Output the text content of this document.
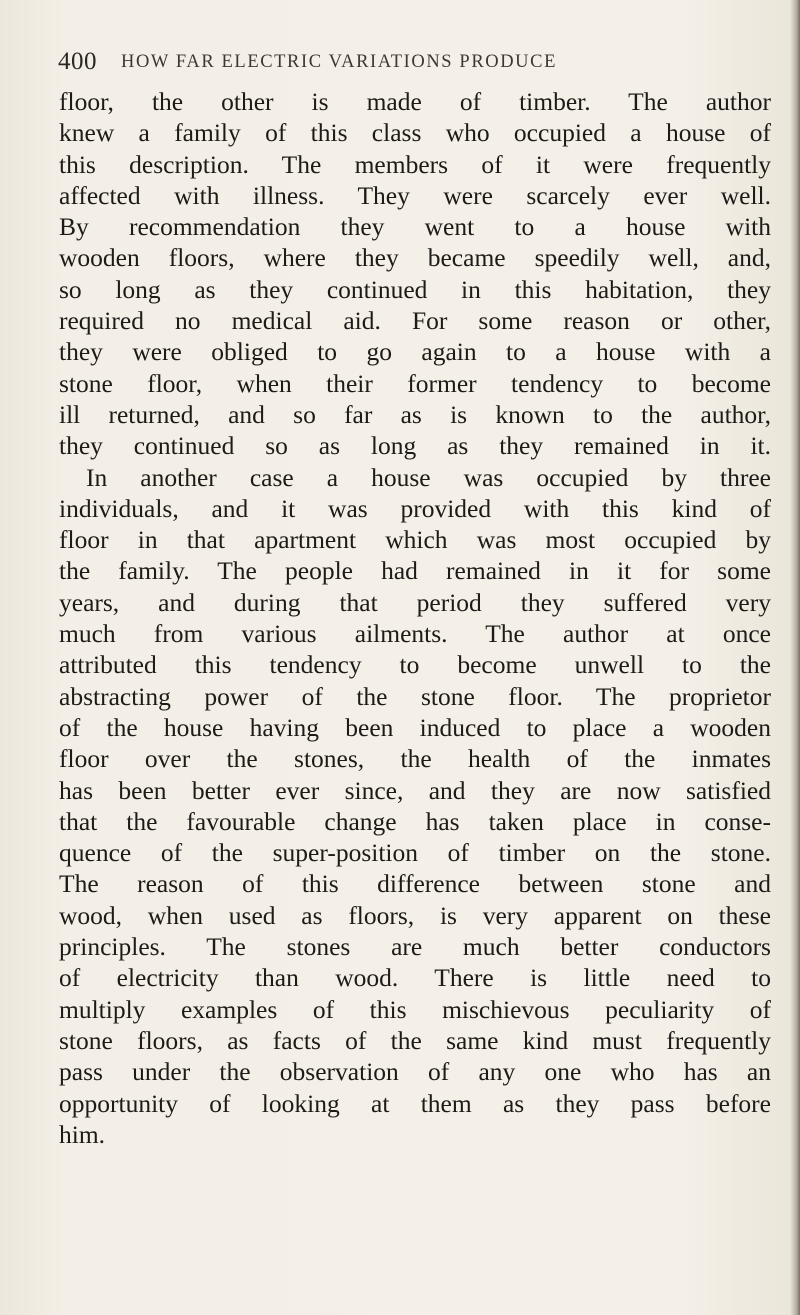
400 HOW FAR ELECTRIC VARIATIONS PRODUCE
floor, the other is made of timber. The author
knew a family of this class who occupied a house of
this description. The members of it were frequently
affected with illness. They were scarcely ever well.
By recommendation they went to a house with
wooden floors, where they became speedily well, and,
so long as they continued in this habitation, they
required no medical aid. For some reason or other,
they were obliged to go again to a house with a
stone floor, when their former tendency to become
ill returned, and so far as is known to the author,
they continued so as long as they remained in it.
In another case a house was occupied by three
individuals, and it was provided with this kind of
floor in that apartment which was most occupied by
the family. The people had remained in it for some
years, and during that period they suffered very
much from various ailments. The author at once
attributed this tendency to become unwell to the
abstracting power of the stone floor. The proprietor
of the house having been induced to place a wooden
floor over the stones, the health of the inmates
has been better ever since, and they are now satisfied
that the favourable change has taken place in conse-
quence of the super-position of timber on the stone.
The reason of this difference between stone and
wood, when used as floors, is very apparent on these
principles. The stones are much better conductors
of electricity than wood. There is little need to
multiply examples of this mischievous peculiarity of
stone floors, as facts of the same kind must frequently
pass under the observation of any one who has an
opportunity of looking at them as they pass before
him.
